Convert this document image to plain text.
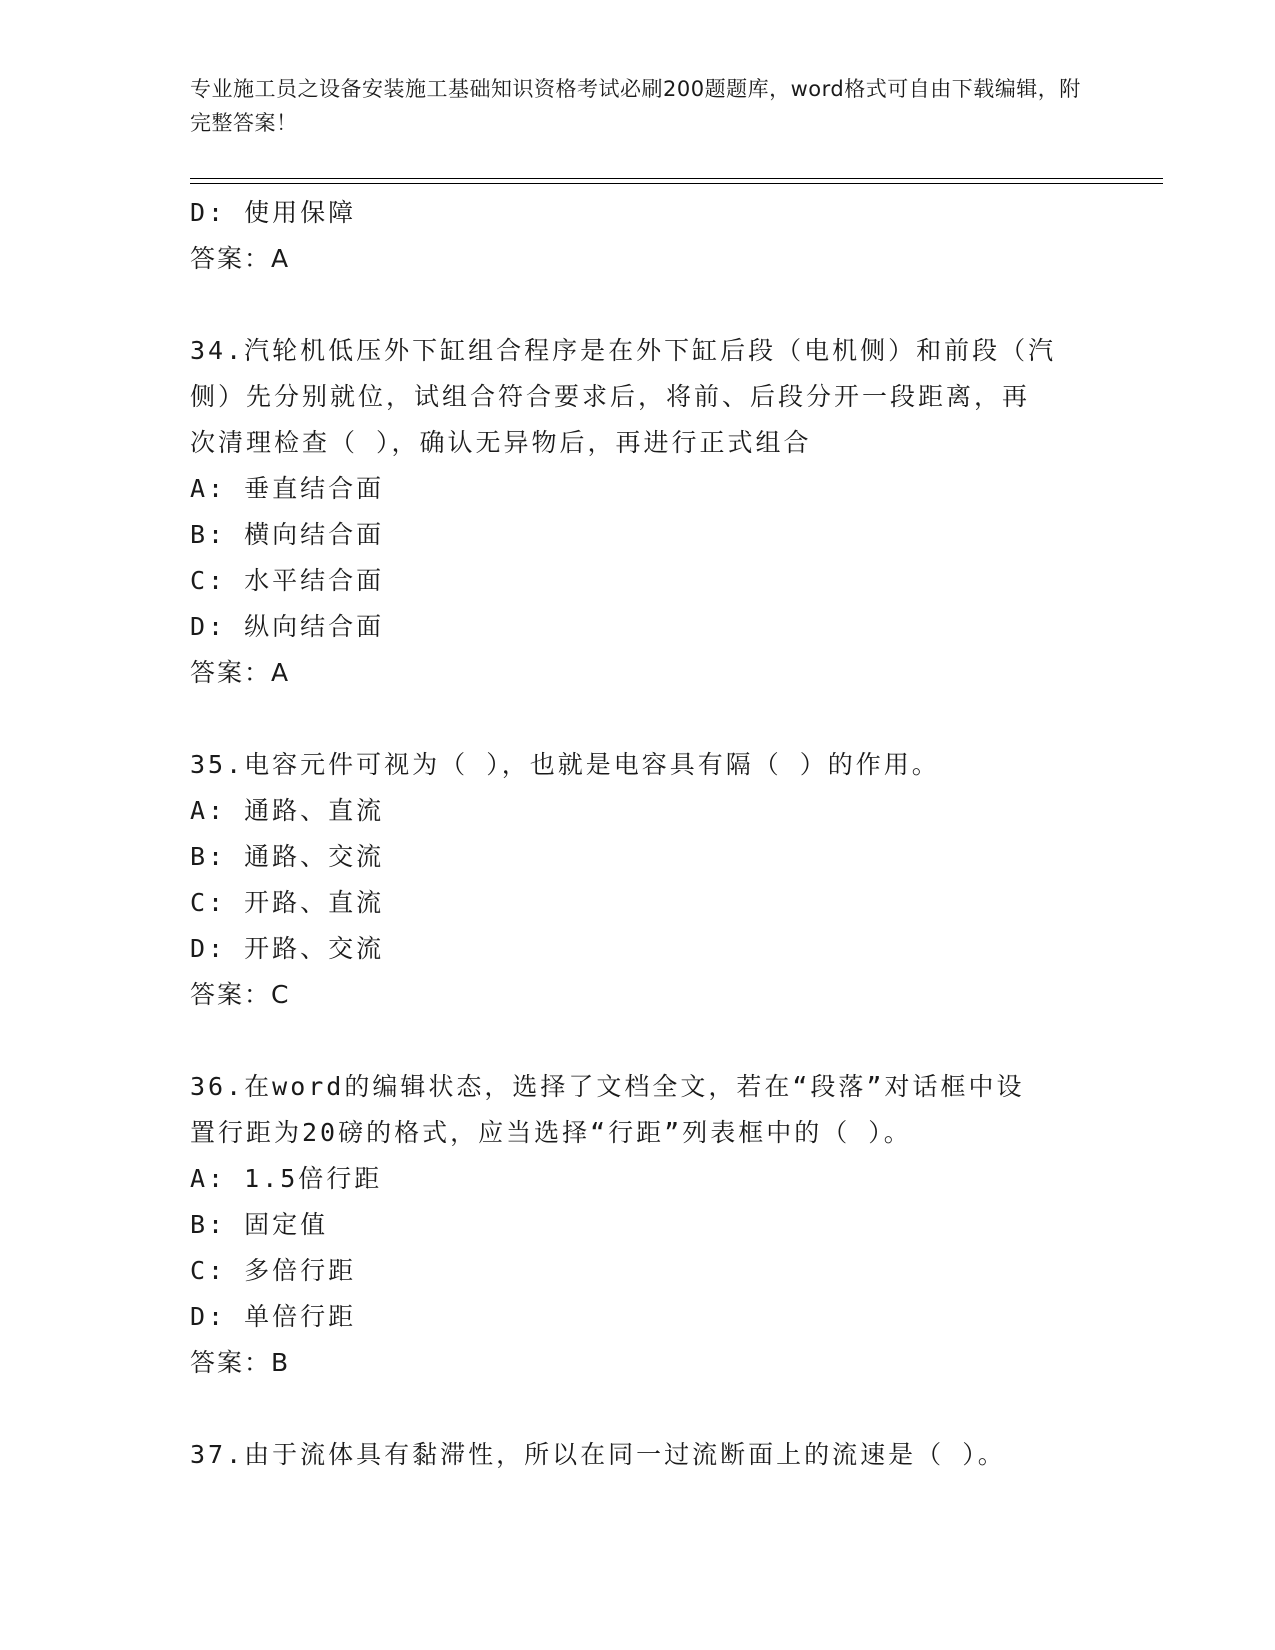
专业施工员之设备安装施工基础知识资格考试必刷200题题库，word格式可自由下载编辑，附完整答案！
D: 使用保障
答案：A
34.汽轮机低压外下缸组合程序是在外下缸后段（电机侧）和前段（汽
侧）先分别就位，试组合符合要求后，将前、后段分开一段距离，再
次清理检查（ ），确认无异物后，再进行正式组合
A: 垂直结合面
B: 横向结合面
C: 水平结合面
D: 纵向结合面
答案：A
35.电容元件可视为（ ），也就是电容具有隔（ ）的作用。
A: 通路、直流
B: 通路、交流
C: 开路、直流
D: 开路、交流
答案：C
36.在word的编辑状态，选择了文档全文，若在“段落”对话框中设
置行距为20磅的格式，应当选择“行距”列表框中的（ ）。
A: 1.5倍行距
B: 固定值
C: 多倍行距
D: 单倍行距
答案：B
37.由于流体具有黏滞性，所以在同一过流断面上的流速是（ ）。
